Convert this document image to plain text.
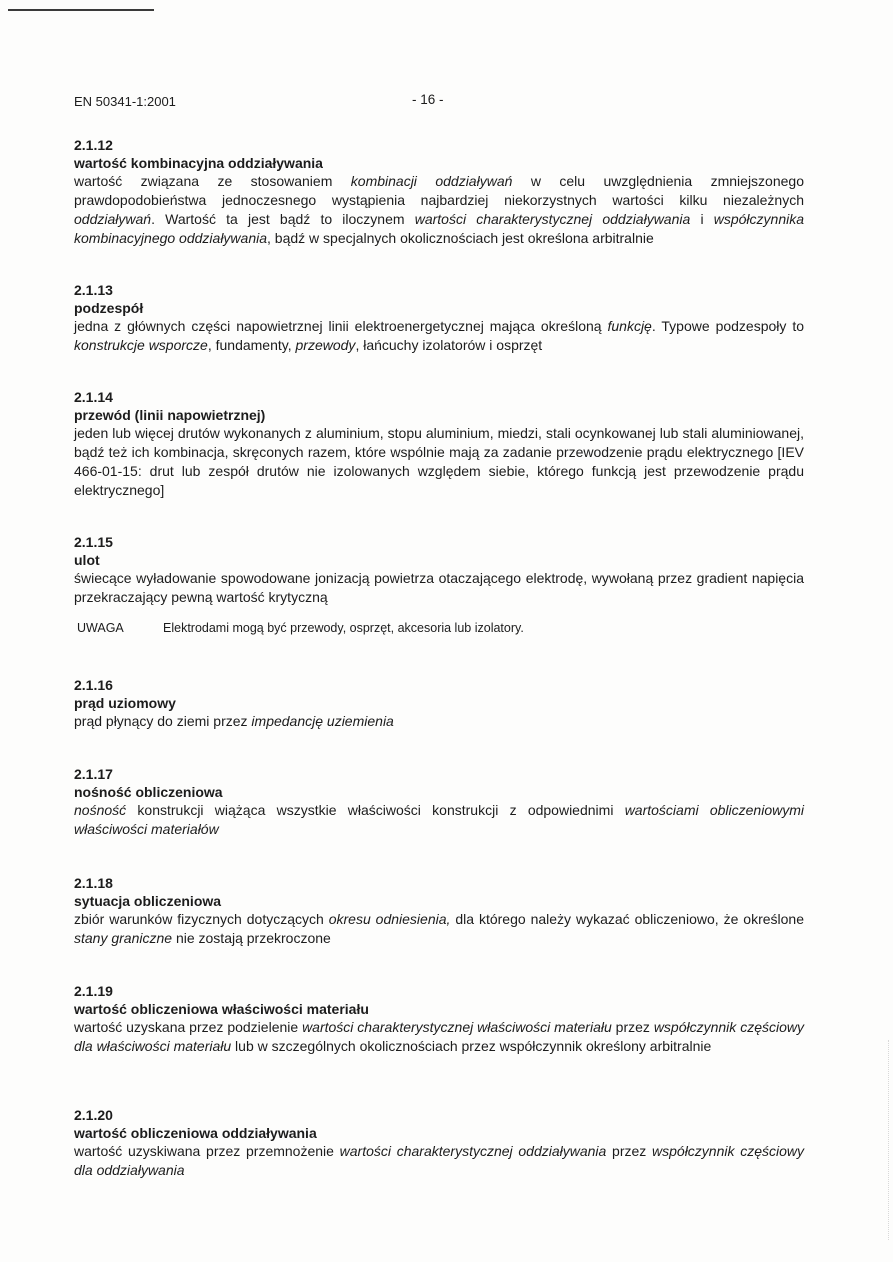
EN 50341-1:2001	- 16 -
2.1.12
wartość kombinacyjna oddziaływania
wartość związana ze stosowaniem kombinacji oddziaływań w celu uwzględnienia zmniejszonego prawdopodobieństwa jednoczesnego wystąpienia najbardziej niekorzystnych wartości kilku niezależnych oddziaływań. Wartość ta jest bądź to iloczynem wartości charakterystycznej oddziaływania i współczynnika kombinacyjnego oddziaływania, bądź w specjalnych okolicznościach jest określona arbitralnie
2.1.13
podzespół
jedna z głównych części napowietrznej linii elektroenergetycznej mająca określoną funkcję. Typowe podzespoły to konstrukcje wsporcze, fundamenty, przewody, łańcuchy izolatorów i osprzęt
2.1.14
przewód (linii napowietrznej)
jeden lub więcej drutów wykonanych z aluminium, stopu aluminium, miedzi, stali ocynkowanej lub stali aluminiowanej, bądź też ich kombinacja, skręconych razem, które wspólnie mają za zadanie przewodzenie prądu elektrycznego [IEV 466-01-15: drut lub zespół drutów nie izolowanych względem siebie, którego funkcją jest przewodzenie prądu elektrycznego]
2.1.15
ulot
świecące wyładowanie spowodowane jonizacją powietrza otaczającego elektrodę, wywołaną przez gradient napięcia przekraczający pewną wartość krytyczną
UWAGA	Elektrodami mogą być przewody, osprzęt, akcesoria lub izolatory.
2.1.16
prąd uziomowy
prąd płynący do ziemi przez impedancję uziemienia
2.1.17
nośność obliczeniowa
nośność konstrukcji wiążąca wszystkie właściwości konstrukcji z odpowiednimi wartościami obliczeniowymi właściwości materiałów
2.1.18
sytuacja obliczeniowa
zbiór warunków fizycznych dotyczących okresu odniesienia, dla którego należy wykazać obliczeniowo, że określone stany graniczne nie zostają przekroczone
2.1.19
wartość obliczeniowa właściwości materiału
wartość uzyskana przez podzielenie wartości charakterystycznej właściwości materiału przez współczynnik częściowy dla właściwości materiału lub w szczególnych okolicznościach przez współczynnik określony arbitralnie
2.1.20
wartość obliczeniowa oddziaływania
wartość uzyskiwana przez przemnożenie wartości charakterystycznej oddziaływania przez współczynnik częściowy dla oddziaływania
